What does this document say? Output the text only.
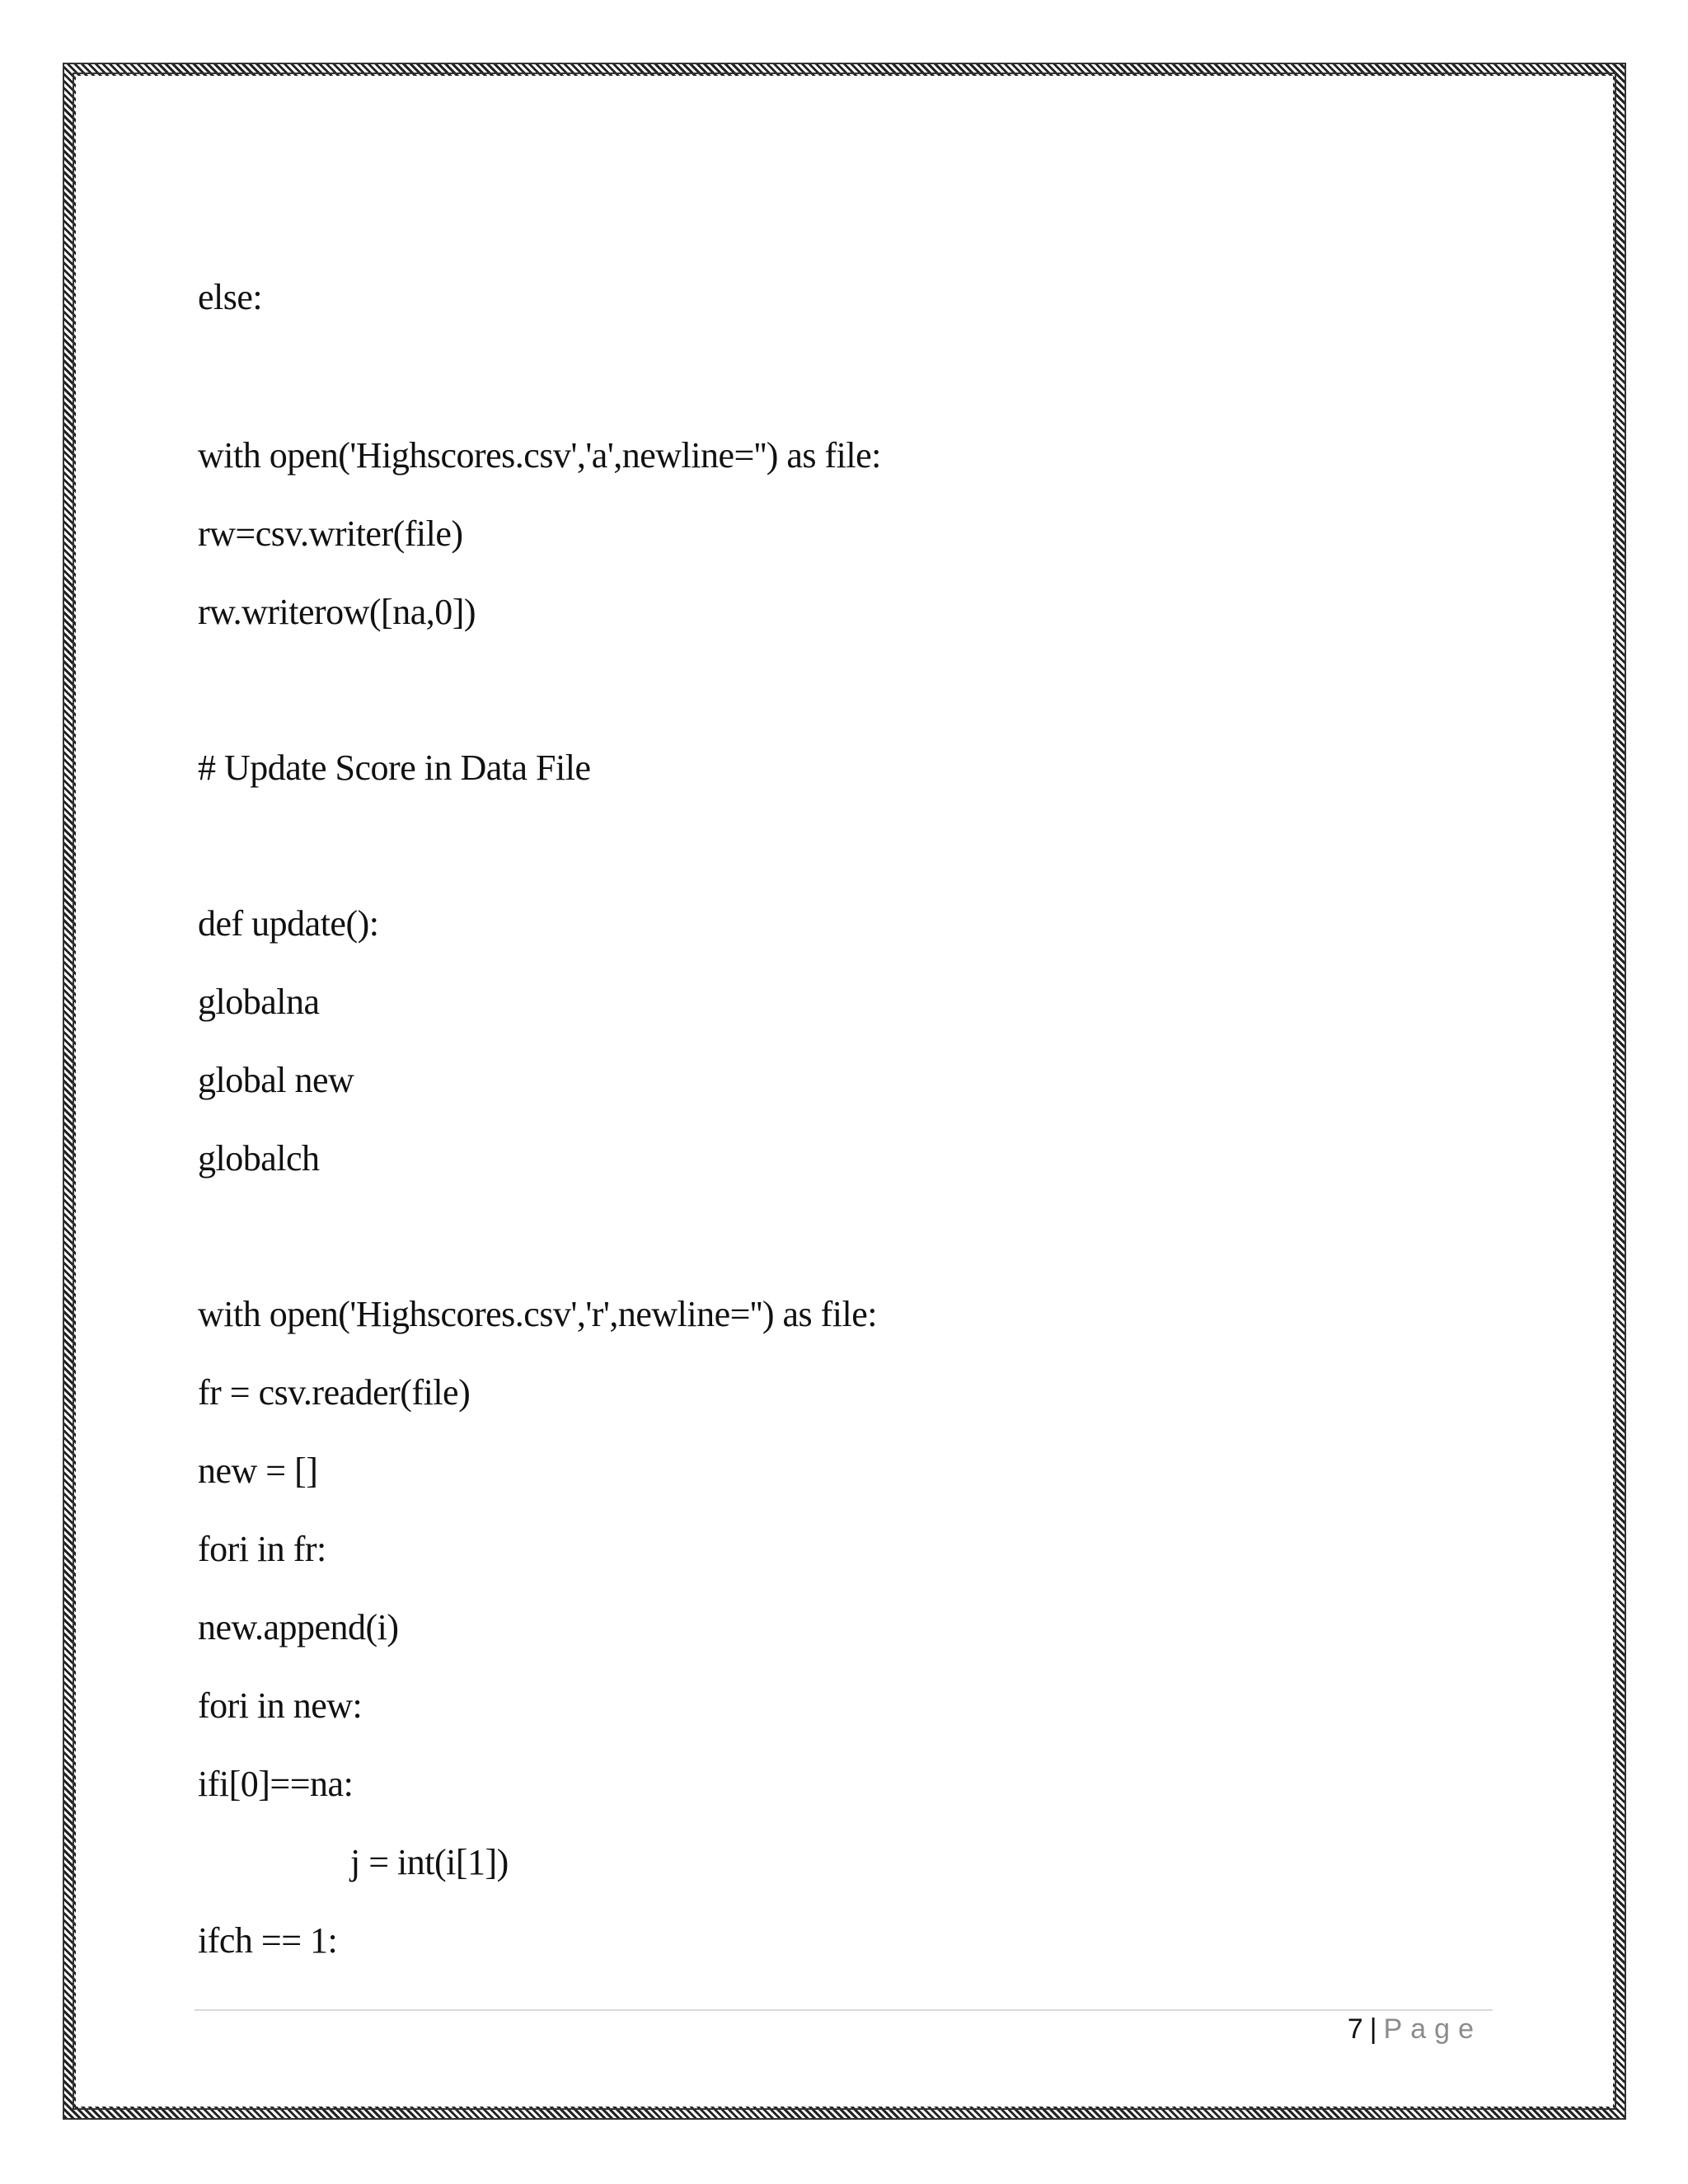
else:
with open('Highscores.csv','a',newline='') as file:
rw=csv.writer(file)
rw.writerow([na,0])
# Update Score in Data File
def update():
globalna
global new
globalch
with open('Highscores.csv','r',newline='') as file:
fr = csv.reader(file)
new = []
fori in fr:
new.append(i)
fori in new:
ifi[0]==na:
j = int(i[1])
ifch == 1:
7 | Page
